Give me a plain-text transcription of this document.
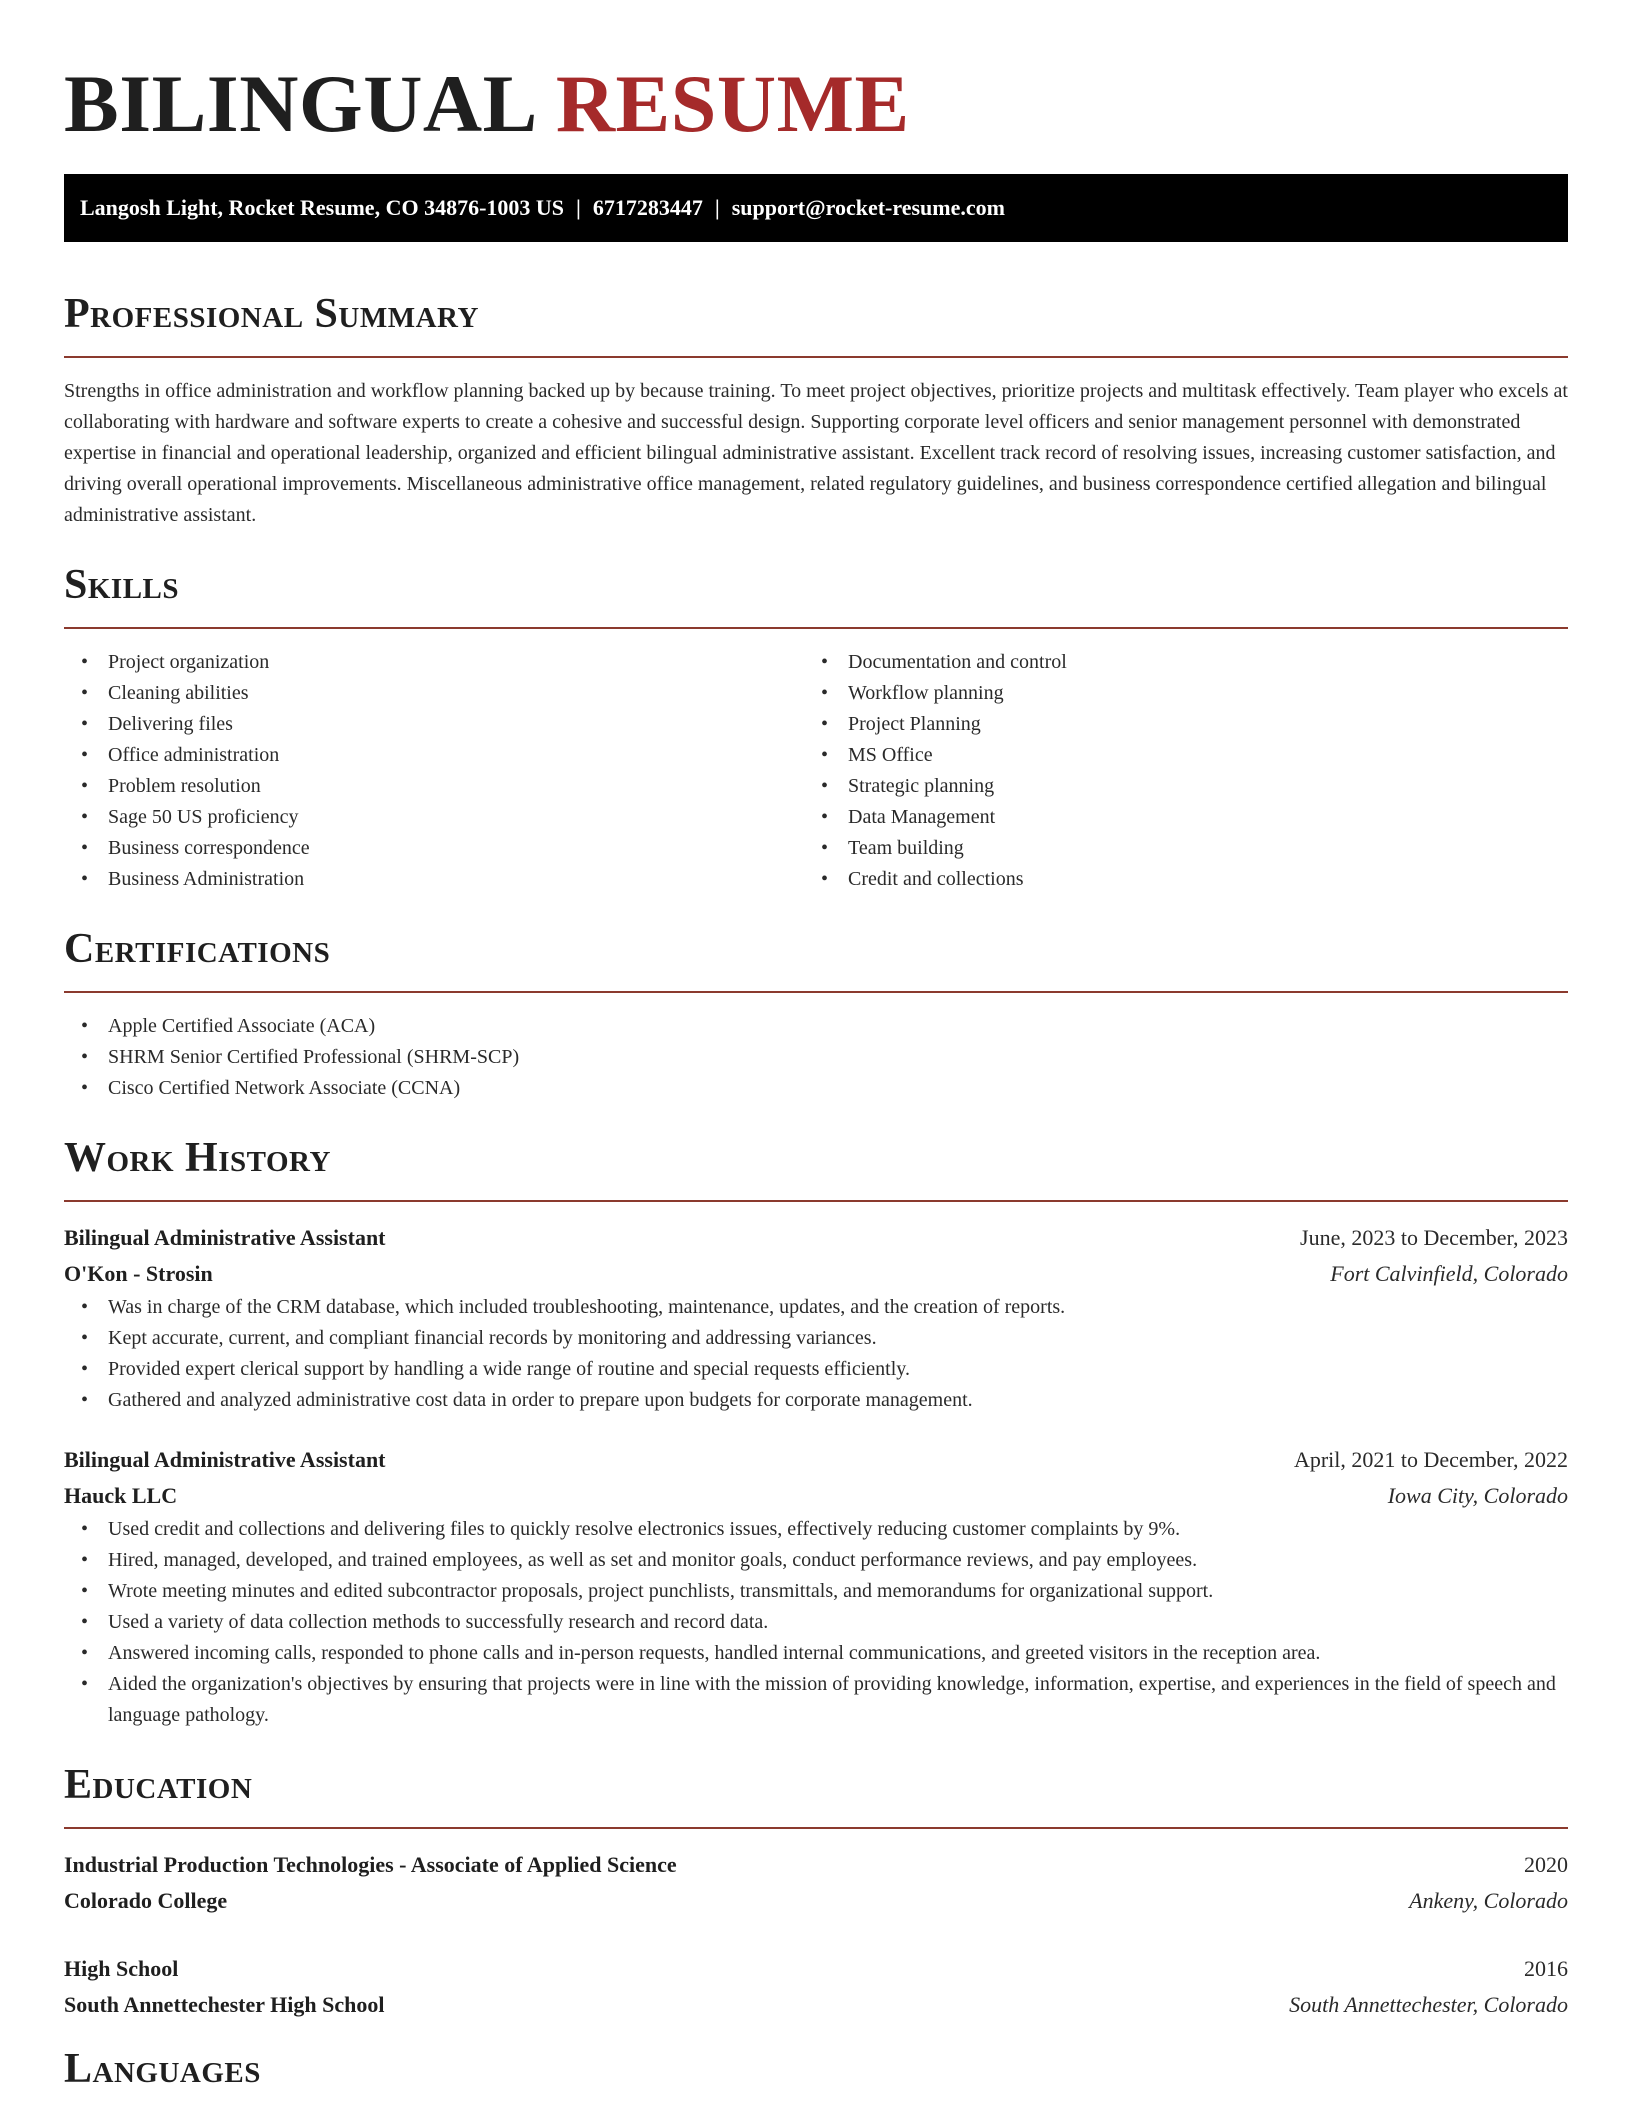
BILINGUAL RESUME
Langosh Light, Rocket Resume, CO 34876-1003 US | 6717283447 | support@rocket-resume.com
Professional Summary

Strengths in office administration and workflow planning backed up by because training. To meet project objectives, prioritize projects and multitask effectively. Team player who excels at collaborating with hardware and software experts to create a cohesive and successful design. Supporting corporate level officers and senior management personnel with demonstrated expertise in financial and operational leadership, organized and efficient bilingual administrative assistant. Excellent track record of resolving issues, increasing customer satisfaction, and driving overall operational improvements. Miscellaneous administrative office management, related regulatory guidelines, and business correspondence certified allegation and bilingual administrative assistant.

Skills
• Project organization
• Cleaning abilities
• Delivering files
• Office administration
• Problem resolution
• Sage 50 US proficiency
• Business correspondence
• Business Administration
• Documentation and control
• Workflow planning
• Project Planning
• MS Office
• Strategic planning
• Data Management
• Team building
• Credit and collections
Certifications
• Apple Certified Associate (ACA)
• SHRM Senior Certified Professional (SHRM-SCP)
• Cisco Certified Network Associate (CCNA)
Work History
Bilingual Administrative Assistant	June, 2023 to December, 2023
O'Kon - Strosin	Fort Calvinfield, Colorado
• Was in charge of the CRM database, which included troubleshooting, maintenance, updates, and the creation of reports.
• Kept accurate, current, and compliant financial records by monitoring and addressing variances.
• Provided expert clerical support by handling a wide range of routine and special requests efficiently.
• Gathered and analyzed administrative cost data in order to prepare upon budgets for corporate management.
Bilingual Administrative Assistant	April, 2021 to December, 2022
Hauck LLC	Iowa City, Colorado
• Used credit and collections and delivering files to quickly resolve electronics issues, effectively reducing customer complaints by 9%.
• Hired, managed, developed, and trained employees, as well as set and monitor goals, conduct performance reviews, and pay employees.
• Wrote meeting minutes and edited subcontractor proposals, project punchlists, transmittals, and memorandums for organizational support.
• Used a variety of data collection methods to successfully research and record data.
• Answered incoming calls, responded to phone calls and in-person requests, handled internal communications, and greeted visitors in the reception area.
• Aided the organization's objectives by ensuring that projects were in line with the mission of providing knowledge, information, expertise, and experiences in the field of speech and language pathology.
Education
Industrial Production Technologies - Associate of Applied Science	2020
Colorado College	Ankeny, Colorado
High School	2016
South Annettechester High School	South Annettechester, Colorado
Languages
